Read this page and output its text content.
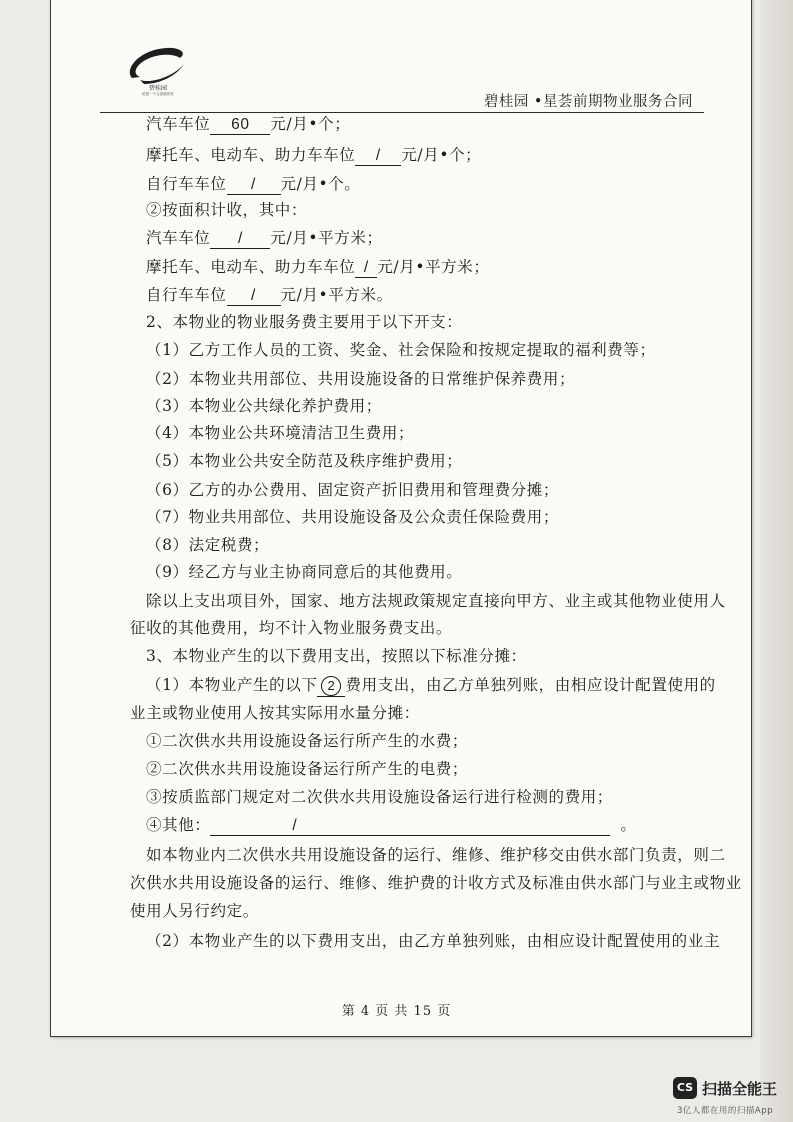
碧桂园
给您一个五星级的家	碧桂园 •星荟前期物业服务合同
汽车车位 60 元/月•个；
摩托车、电动车、助力车车位 / 元/月•个；
自行车车位 / 元/月•个。
②按面积计收，其中：
汽车车位 / 元/月•平方米；
摩托车、电动车、助力车车位 / 元/月•平方米；
自行车车位 / 元/月•平方米。
2、本物业的物业服务费主要用于以下开支：
（1）乙方工作人员的工资、奖金、社会保险和按规定提取的福利费等；
（2）本物业共用部位、共用设施设备的日常维护保养费用；
（3）本物业公共绿化养护费用；
（4）本物业公共环境清洁卫生费用；
（5）本物业公共安全防范及秩序维护费用；
（6）乙方的办公费用、固定资产折旧费用和管理费分摊；
（7）物业共用部位、共用设施设备及公众责任保险费用；
（8）法定税费；
（9）经乙方与业主协商同意后的其他费用。
除以上支出项目外，国家、地方法规政策规定直接向甲方、业主或其他物业使用人
征收的其他费用，均不计入物业服务费支出。
3、本物业产生的以下费用支出，按照以下标准分摊：
（1）本物业产生的以下 2 费用支出，由乙方单独列账，由相应设计配置使用的
业主或物业使用人按其实际用水量分摊：
①二次供水共用设施设备运行所产生的水费；
②二次供水共用设施设备运行所产生的电费；
③按质监部门规定对二次供水共用设施设备运行进行检测的费用；
④其他：	/	。
如本物业内二次供水共用设施设备的运行、维修、维护移交由供水部门负责，则二
次供水共用设施设备的运行、维修、维护费的计收方式及标准由供水部门与业主或物业
使用人另行约定。
（2）本物业产生的以下费用支出，由乙方单独列账，由相应设计配置使用的业主
第 4 页 共 15 页
CS 扫描全能王
3亿人都在用的扫描App
